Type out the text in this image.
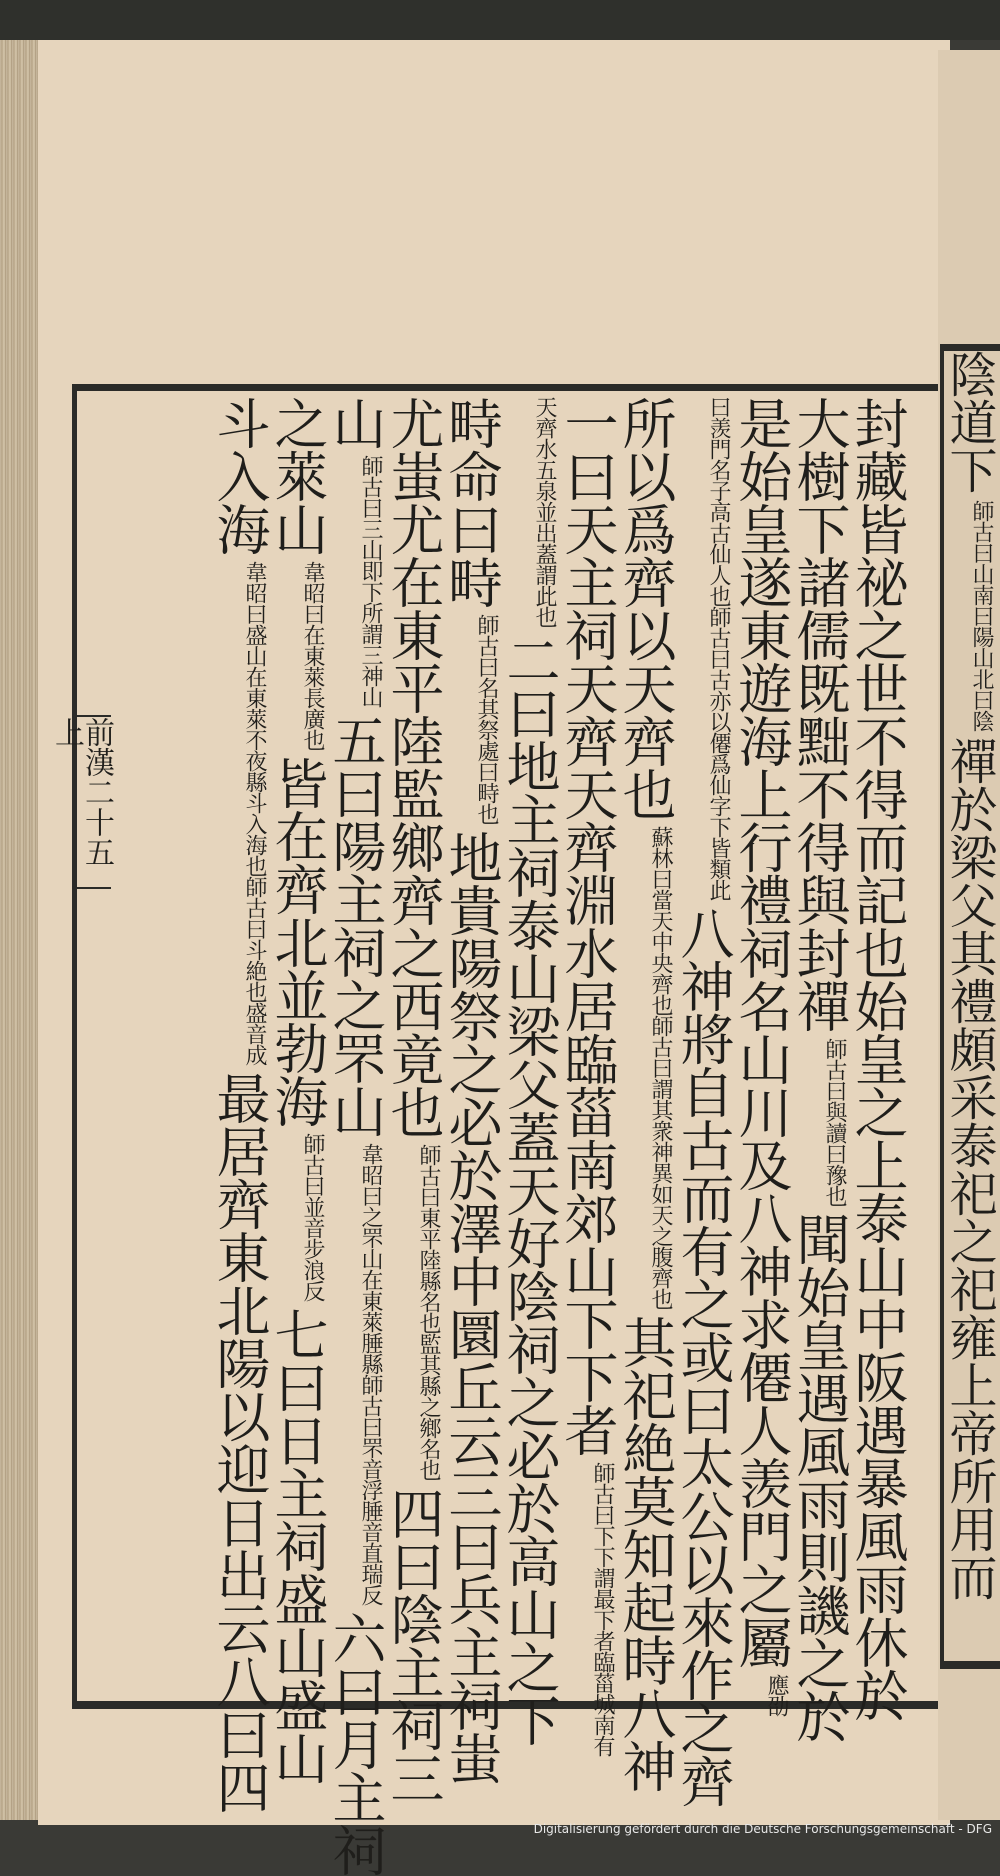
封藏皆祕之世不得而記也始皇之上泰山中阪遇暴風雨休於
大樹下諸儒既黜不得與封禪師古曰與讀曰豫也聞始皇遇風雨則譏之於
是始皇遂東遊海上行禮祠名山川及八神求僊人羡門之屬應劭
曰羡門名子高古仙人也師古曰古亦以僊爲仙字下皆類此八神將自古而有之或曰太公以來作之齊
所以爲齊以天齊也蘇林曰當天中央齊也師古曰謂其衆神異如天之腹齊也其祀絶莫知起時八神
一曰天主祠天齊天齊淵水居臨菑南郊山下下者師古曰下下謂最下者臨菑城南有
天齊水五泉並出蓋謂此也二曰地主祠泰山梁父蓋天好陰祠之必於高山之下
畤命曰畤師古曰名其祭處曰畤也地貴陽祭之必於澤中圜丘云三曰兵主祠蚩
尤蚩尤在東平陸監鄉齊之西竟也師古曰東平陸縣名也監其縣之鄉名也四曰陰主祠三
山師古曰三山即下所謂三神山五曰陽主祠之罘山韋昭曰之罘山在東萊腄縣師古曰罘音浮腄音直瑞反六曰月主祠
之萊山韋昭曰在東萊長廣也皆在齊北並勃海師古曰並音步浪反七曰日主祠盛山盛山
斗入海韋昭曰盛山在東萊不夜縣斗入海也師古曰斗絶也盛音成最居齊東北陽以迎日出云八曰四
前漢二十五上
陰道下師古曰山南曰陽山北曰陰禪於梁父其禮頗采泰祀之祀雍上帝所用而
Digitalisierung gefördert durch die Deutsche Forschungsgemeinschaft - DFG
